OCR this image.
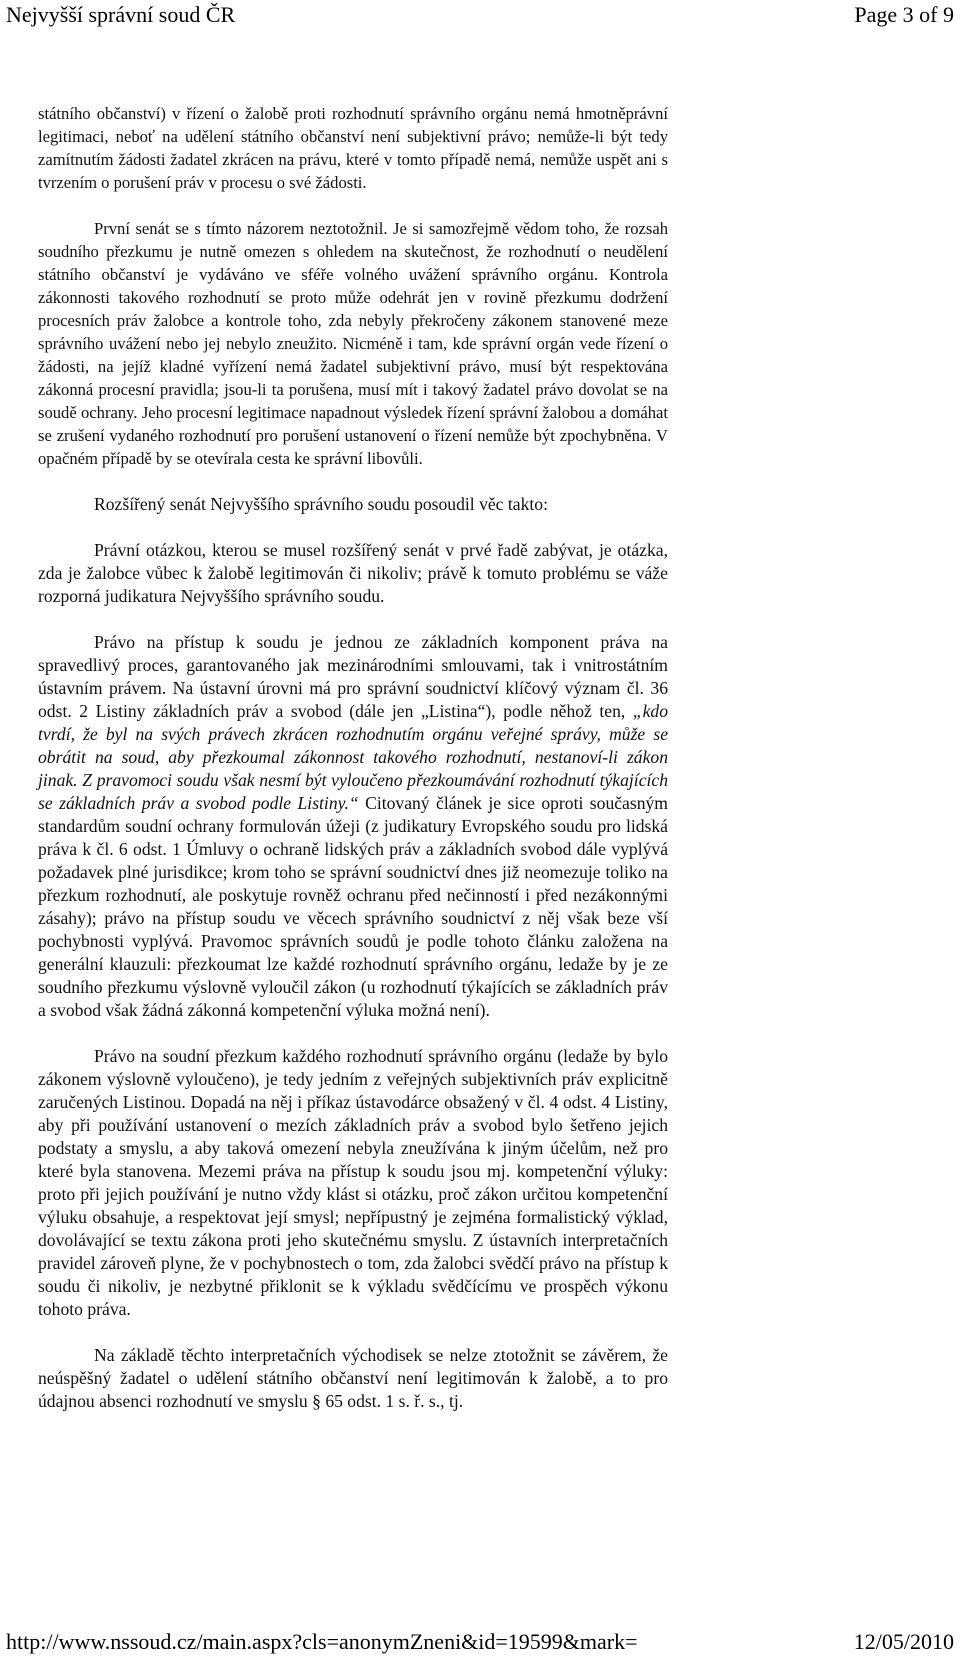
Nejvyšší správní soud ČR	Page 3 of 9

státního občanství) v řízení o žalobě proti rozhodnutí správního orgánu nemá hmotněprávní legitimaci, neboť na udělení státního občanství není subjektivní právo; nemůže-li být tedy zamítnutím žádosti žadatel zkrácen na právu, které v tomto případě nemá, nemůže uspět ani s tvrzením o porušení práv v procesu o své žádosti.

První senát se s tímto názorem neztotožnil. Je si samozřejmě vědom toho, že rozsah soudního přezkumu je nutně omezen s ohledem na skutečnost, že rozhodnutí o neudělení státního občanství je vydáváno ve sféře volného uvážení správního orgánu. Kontrola zákonnosti takového rozhodnutí se proto může odehrát jen v rovině přezkumu dodržení procesních práv žalobce a kontrole toho, zda nebyly překročeny zákonem stanovené meze správního uvážení nebo jej nebylo zneužito. Nicméně i tam, kde správní orgán vede řízení o žádosti, na jejíž kladné vyřízení nemá žadatel subjektivní právo, musí být respektována zákonná procesní pravidla; jsou-li ta porušena, musí mít i takový žadatel právo dovolat se na soudě ochrany. Jeho procesní legitimace napadnout výsledek řízení správní žalobou a domáhat se zrušení vydaného rozhodnutí pro porušení ustanovení o řízení nemůže být zpochybněna. V opačném případě by se otevírala cesta ke správní libovůli.

Rozšířený senát Nejvyššího správního soudu posoudil věc takto:

Právní otázkou, kterou se musel rozšířený senát v prvé řadě zabývat, je otázka, zda je žalobce vůbec k žalobě legitimován či nikoliv; právě k tomuto problému se váže rozporná judikatura Nejvyššího správního soudu.

Právo na přístup k soudu je jednou ze základních komponent práva na spravedlivý proces, garantovaného jak mezinárodními smlouvami, tak i vnitrostátním ústavním právem. Na ústavní úrovni má pro správní soudnictví klíčový význam čl. 36 odst. 2 Listiny základních práv a svobod (dále jen „Listina“), podle něhož ten, „kdo tvrdí, že byl na svých právech zkrácen rozhodnutím orgánu veřejné správy, může se obrátit na soud, aby přezkoumal zákonnost takového rozhodnutí, nestanoví-li zákon jinak. Z pravomoci soudu však nesmí být vyloučeno přezkoumávání rozhodnutí týkajících se základních práv a svobod podle Listiny.“ Citovaný článek je sice oproti současným standardům soudní ochrany formulován úžeji (z judikatury Evropského soudu pro lidská práva k čl. 6 odst. 1 Úmluvy o ochraně lidských práv a základních svobod dále vyplývá požadavek plné jurisdikce; krom toho se správní soudnictví dnes již neomezuje toliko na přezkum rozhodnutí, ale poskytuje rovněž ochranu před nečinností i před nezákonnými zásahy); právo na přístup soudu ve věcech správního soudnictví z něj však beze vší pochybnosti vyplývá. Pravomoc správních soudů je podle tohoto článku založena na generální klauzuli: přezkoumat lze každé rozhodnutí správního orgánu, ledaže by je ze soudního přezkumu výslovně vyloučil zákon (u rozhodnutí týkajících se základních práv a svobod však žádná zákonná kompetenční výluka možná není).

Právo na soudní přezkum každého rozhodnutí správního orgánu (ledaže by bylo zákonem výslovně vyloučeno), je tedy jedním z veřejných subjektivních práv explicitně zaručených Listinou. Dopadá na něj i příkaz ústavodárce obsažený v čl. 4 odst. 4 Listiny, aby při používání ustanovení o mezích základních práv a svobod bylo šetřeno jejich podstaty a smyslu, a aby taková omezení nebyla zneužívána k jiným účelům, než pro které byla stanovena. Mezemi práva na přístup k soudu jsou mj. kompetenční výluky: proto při jejich používání je nutno vždy klást si otázku, proč zákon určitou kompetenční výluku obsahuje, a respektovat její smysl; nepřípustný je zejména formalistický výklad, dovolávající se textu zákona proti jeho skutečnému smyslu. Z ústavních interpretačních pravidel zároveň plyne, že v pochybnostech o tom, zda žalobci svědčí právo na přístup k soudu či nikoliv, je nezbytné přiklonit se k výkladu svědčícímu ve prospěch výkonu tohoto práva.

Na základě těchto interpretačních východisek se nelze ztotožnit se závěrem, že neúspěšný žadatel o udělení státního občanství není legitimován k žalobě, a to pro údajnou absenci rozhodnutí ve smyslu § 65 odst. 1 s. ř. s., tj.

http://www.nssoud.cz/main.aspx?cls=anonymZneni&id=19599&mark=	12/05/2010
